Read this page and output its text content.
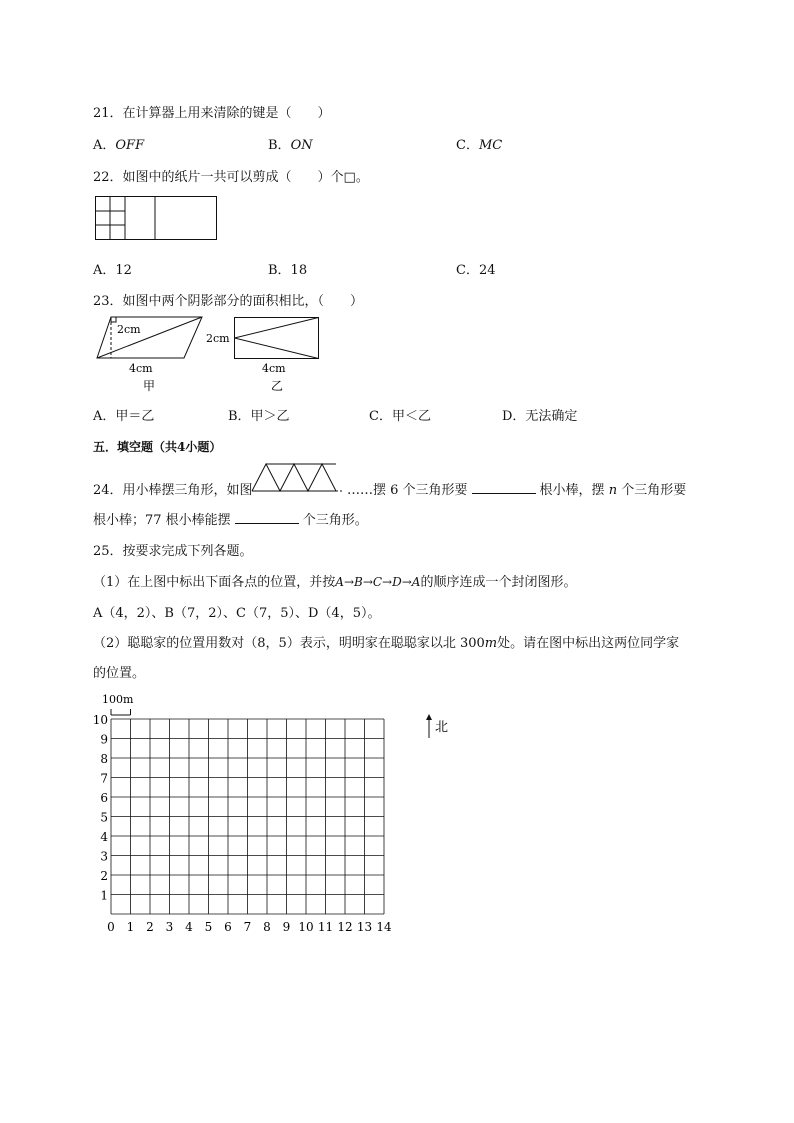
21．在计算器上用来清除的键是（　　）
A．OFF	B．ON	C．MC
22．如图中的纸片一共可以剪成（　　）个□。
A．12	B．18	C．24
23．如图中两个阴影部分的面积相比，（　　）
2cm
4cm
甲
2cm
4cm
乙
A．甲＝乙	B．甲＞乙	C．甲＜乙	D．无法确定
五．填空题（共4小题）
24．用小棒摆三角形，如图	……摆 6 个三角形要	根小棒，摆 n 个三角形要
根小棒；77 根小棒能摆	个三角形。
25．按要求完成下列各题。
（1）在上图中标出下面各点的位置，并按A→B→C→D→A的顺序连成一个封闭图形。
A（4，2）、B（7，2）、C（7，5）、D（4，5）。
（2）聪聪家的位置用数对（8，5）表示，明明家在聪聪家以北 300m处。请在图中标出这两位同学家
的位置。
1
2
3
4
5
6
7
8
9
10
0 1 2 3 4 5 6 7 8 9 10 11 12 13 14
100m
北
